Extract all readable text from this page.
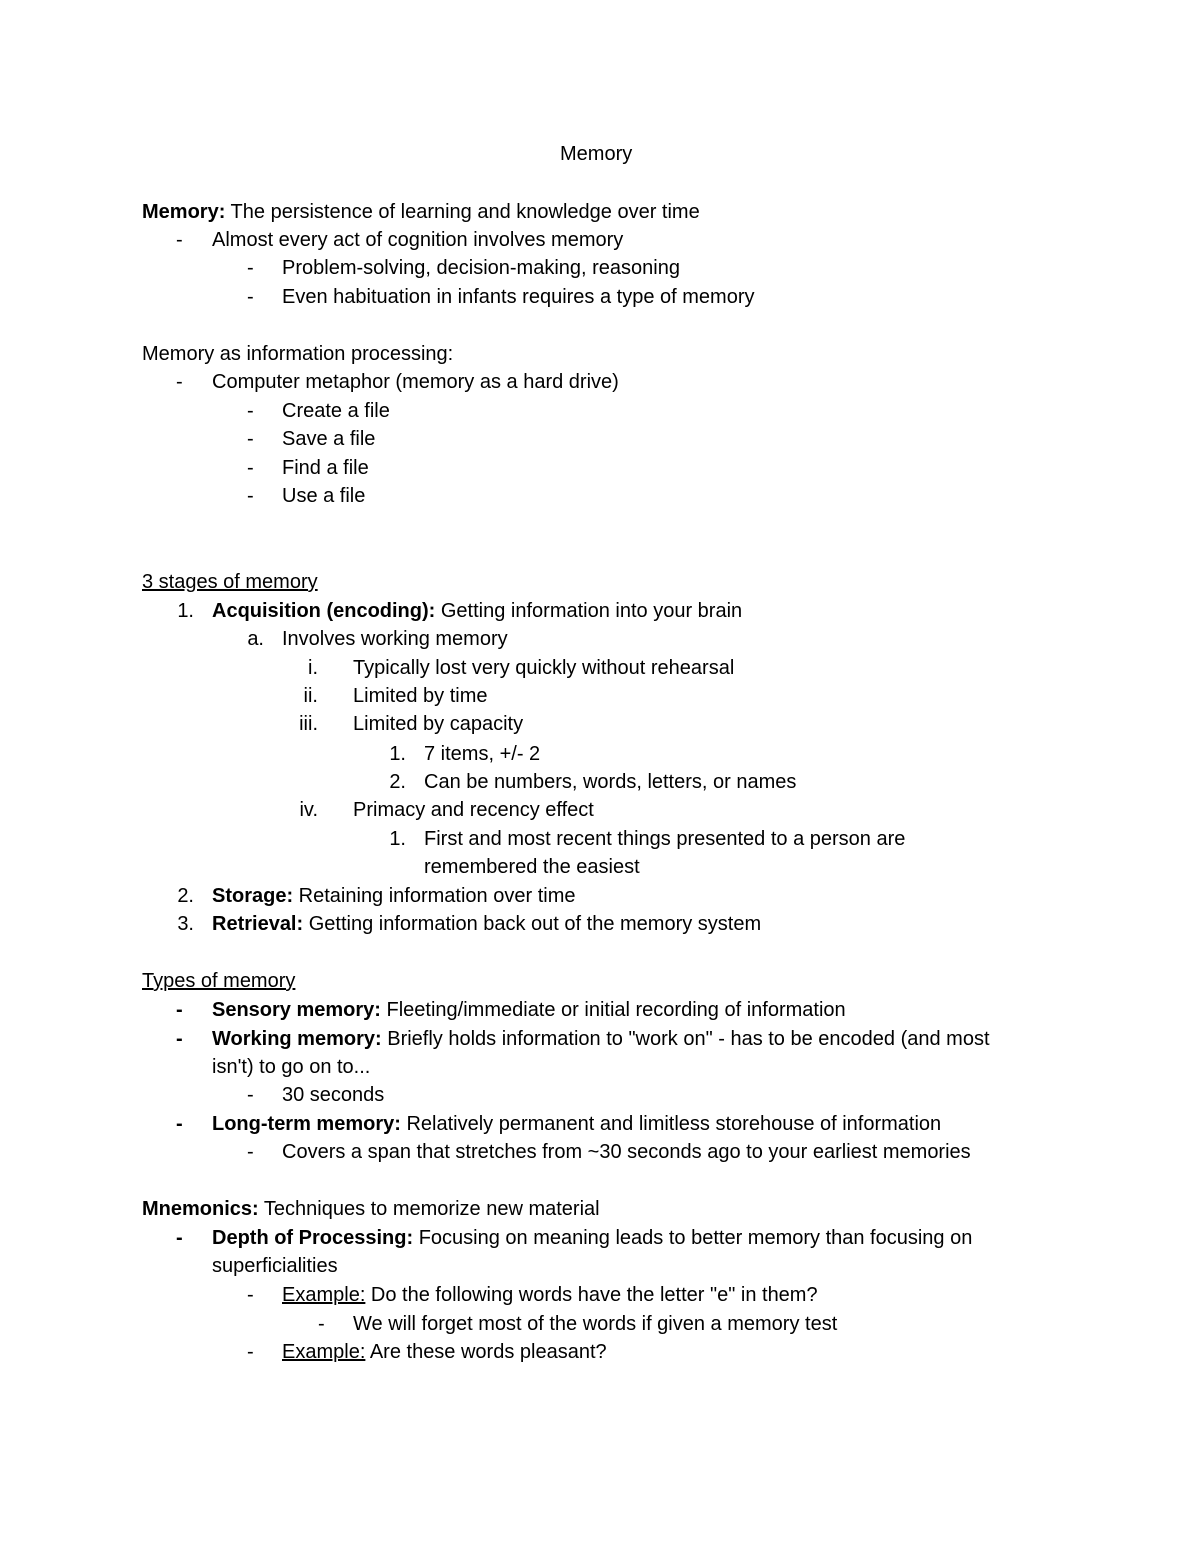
Memory
Memory: The persistence of learning and knowledge over time
- Almost every act of cognition involves memory
- Problem-solving, decision-making, reasoning
- Even habituation in infants requires a type of memory
Memory as information processing:
- Computer metaphor (memory as a hard drive)
- Create a file
- Save a file
- Find a file
- Use a file
3 stages of memory
1. Acquisition (encoding): Getting information into your brain
a. Involves working memory
i. Typically lost very quickly without rehearsal
ii. Limited by time
iii. Limited by capacity
1. 7 items, +/- 2
2. Can be numbers, words, letters, or names
iv. Primacy and recency effect
1. First and most recent things presented to a person are
remembered the easiest
2. Storage: Retaining information over time
3. Retrieval: Getting information back out of the memory system
Types of memory
- Sensory memory: Fleeting/immediate or initial recording of information
- Working memory: Briefly holds information to "work on" - has to be encoded (and most
isn't) to go on to...
- 30 seconds
- Long-term memory: Relatively permanent and limitless storehouse of information
- Covers a span that stretches from ~30 seconds ago to your earliest memories
Mnemonics: Techniques to memorize new material
- Depth of Processing: Focusing on meaning leads to better memory than focusing on
superficialities
- Example: Do the following words have the letter "e" in them?
- We will forget most of the words if given a memory test
- Example: Are these words pleasant?
